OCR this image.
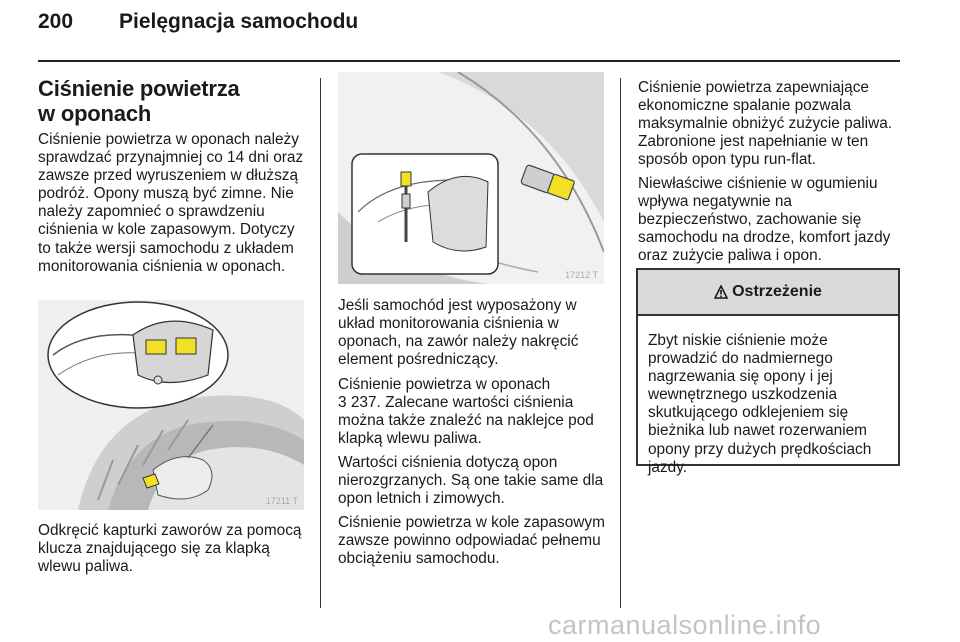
200 Pielęgnacja samochodu
Ciśnienie powietrza
w oponach

Ciśnienie powietrza w oponach należy sprawdzać przynajmniej co 14 dni oraz zawsze przed wyruszeniem w dłuższą podróż. Opony muszą być zimne. Nie należy zapomnieć o sprawdzeniu ciśnienia w kole zapasowym. Dotyczy to także wersji samochodu z układem monitorowania ciśnienia w oponach.

17211 T

Odkręcić kapturki zaworów za pomocą klucza znajdującego się za klapką wlewu paliwa.

17212 T

Jeśli samochód jest wyposażony w układ monitorowania ciśnienia w oponach, na zawór należy nakręcić element pośredniczący.

Ciśnienie powietrza w oponach
3 237. Zalecane wartości ciśnienia można także znaleźć na naklejce pod klapką wlewu paliwa.

Wartości ciśnienia dotyczą opon nierozgrzanych. Są one takie same dla opon letnich i zimowych.

Ciśnienie powietrza w kole zapasowym zawsze powinno odpowiadać pełnemu obciążeniu samochodu.

Ciśnienie powietrza zapewniające ekonomiczne spalanie pozwala maksymalnie obniżyć zużycie paliwa. Zabronione jest napełnianie w ten sposób opon typu run-flat.

Niewłaściwe ciśnienie w ogumieniu wpływa negatywnie na bezpieczeństwo, zachowanie się samochodu na drodze, komfort jazdy oraz zużycie paliwa i opon.

Ostrzeżenie

Zbyt niskie ciśnienie może prowadzić do nadmiernego nagrzewania się opony i jej wewnętrznego uszkodzenia skutkującego odklejeniem się bieżnika lub nawet rozerwaniem opony przy dużych prędkościach jazdy.

carmanualsonline.info
